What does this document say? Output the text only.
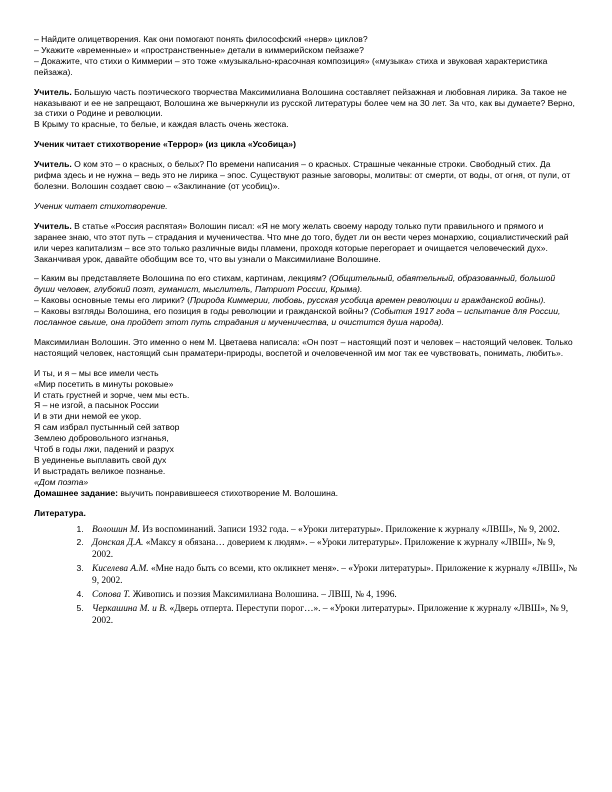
– Найдите олицетворения. Как они помогают понять философский «нерв» циклов?

– Укажите «временные» и «пространственные» детали в киммерийском пейзаже?

– Докажите, что стихи о Киммерии – это тоже «музыкально-красочная композиция» («музыка» стиха и звуковая характеристика пейзажа).

Учитель. Большую часть поэтического творчества Максимилиана Волошина составляет пейзажная и любовная лирика. За такое не наказывают и ее не запрещают, Волошина же вычеркнули из русской литературы более чем на 30 лет. За что, как вы думаете? Верно, за стихи о Родине и революции.

В Крыму то красные, то белые, и каждая власть очень жестока.

Ученик читает стихотворение «Террор» (из цикла «Усобица»)

Учитель. О ком это – о красных, о белых? По времени написания – о красных. Страшные чеканные строки. Свободный стих. Да рифма здесь и не нужна – ведь это не лирика – эпос. Существуют разные заговоры, молитвы: от смерти, от воды, от огня, от пули, от болезни. Волошин создает свою – «Заклинание (от усобиц)».

Ученик читает стихотворение.

Учитель. В статье «Россия распятая» Волошин писал: «Я не могу желать своему народу только пути правильного и прямого и заранее знаю, что этот путь – страдания и мученичества. Что мне до того, будет ли он вести через монархию, социалистический рай или через капитализм – все это только различные виды пламени, проходя которые перегорает и очищается человеческий дух».

Заканчивая урок, давайте обобщим все то, что вы узнали о Максимилиане Волошине.

– Каким вы представляете Волошина по его стихам, картинам, лекциям? (Общительный, обаятельный, образованный, большой души человек, глубокий поэт, гуманист, мыслитель, Патриот России, Крыма).

– Каковы основные темы его лирики? (Природа Киммерии, любовь, русская усобица времен революции и гражданской войны).

– Каковы взгляды Волошина, его позиция в годы революции и гражданской войны? (События 1917 года – испытание для России, посланное свыше, она пройдет этот путь страдания и мученичества, и очистится душа народа).

Максимилиан Волошин. Это именно о нем М. Цветаева написала: «Он поэт – настоящий поэт и человек – настоящий человек. Только настоящий человек, настоящий сын праматери-природы, воспетой и очеловеченной им мог так ее чувствовать, понимать, любить».

И ты, и я – мы все имели честь

«Мир посетить в минуты роковые»

И стать грустней и зорче, чем мы есть.

Я – не изгой, а пасынок России

И в эти дни немой ее укор.

Я сам избрал пустынный сей затвор

Землею добровольного изгнанья,

Чтоб в годы лжи, падений и разрух

В уединенье выплавить свой дух

И выстрадать великое познанье.

«Дом поэта»

Домашнее задание: выучить понравившееся стихотворение М. Волошина.

Литература.

1. Волошин М. Из воспоминаний. Записи 1932 года. – «Уроки литературы». Приложение к журналу «ЛВШ», № 9, 2002.
2. Донская Д.А. «Максу я обязана… доверием к людям». – «Уроки литературы». Приложение к журналу «ЛВШ», № 9, 2002.
3. Киселева А.М. «Мне надо быть со всеми, кто окликнет меня». – «Уроки литературы». Приложение к журналу «ЛВШ», № 9, 2002.
4. Сопова Т. Живопись и поэзия Максимилиана Волошина. – ЛВШ, № 4, 1996.
5. Черкашина М. и В. «Дверь отперта. Переступи порог…». – «Уроки литературы». Приложение к журналу «ЛВШ», № 9, 2002.
